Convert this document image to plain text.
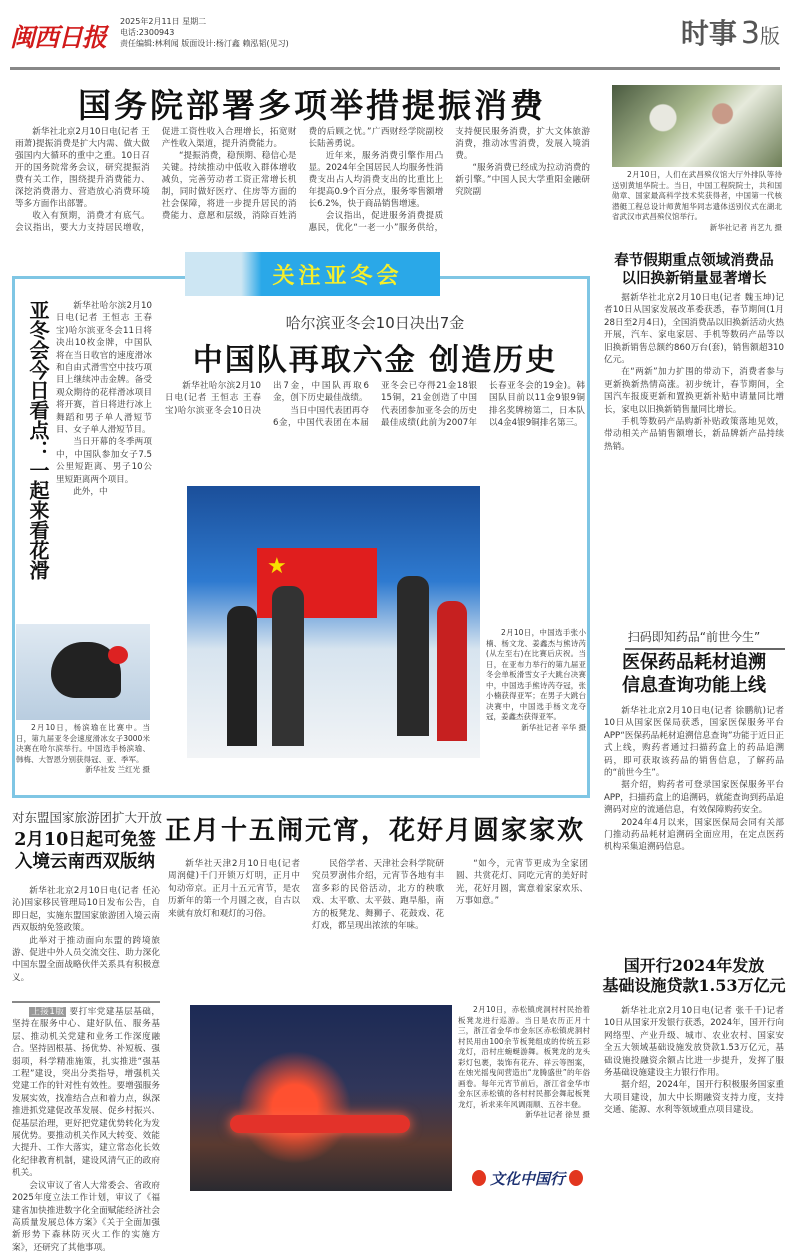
闽西日报
2025年2月11日 星期二
电话:2300943
责任编辑:林利闻 版面设计:杨汀鑫 赖泓韬(见习)	时事 3版
国务院部署多项举措提振消费

新华社北京2月10日电(记者 王雨萧)提振消费是扩大内需、做大做强国内大循环的重中之重。10日召开的国务院常务会议，研究提振消费有关工作，围绕提升消费能力、深挖消费潜力、营造放心消费环境等多方面作出部署。

收入有预期，消费才有底气。会议指出，要大力支持居民增收，促进工资性收入合理增长，拓宽财产性收入渠道，提升消费能力。

“提振消费，稳预期、稳信心是关键。持续推动中低收入群体增收减负，完善劳动者工资正常增长机制，同时做好医疗、住房等方面的社会保障，将进一步提升居民的消费能力、意愿和层级，消除百姓消费的后顾之忧。”广西财经学院副校长陆善勇说。

近年来，服务消费引擎作用凸显。2024年全国居民人均服务性消费支出占人均消费支出的比重比上年提高0.9个百分点，服务零售额增长6.2%，快于商品销售增速。

会议指出，促进服务消费提质惠民，优化“一老一小”服务供给，支持便民服务消费，扩大文体旅游消费，推动冰雪消费，发展入境消费。

“服务消费已经成为拉动消费的新引擎。”中国人民大学重阳金融研究院副

2月10日，人们在武昌殡仪馆大厅外排队等待送别黄旭华院士。当日，中国工程院院士，共和国勋章、国家最高科学技术奖获得者，中国第一代核潜艇工程总设计师黄旭华同志遗体送别仪式在湖北省武汉市武昌殡仪馆举行。

新华社记者 肖艺九 摄
关注亚冬会
亚冬会今日看点：一起来看花滑	新华社哈尔滨2月10日电(记者 王恒志 王春宝)哈尔滨亚冬会11日将决出10枚金牌，中国队将在当日收官的速度滑冰和自由式滑雪空中技巧项目上继续冲击金牌。备受观众期待的花样滑冰项目将开赛，首日将进行冰上舞蹈和男子单人滑短节目、女子单人滑短节目。

当日开幕的冬季两项中，中国队参加女子7.5公里短距离、男子10公里短距离两个项目。

此外，中

哈尔滨亚冬会10日决出7金
中国队再取六金 创造历史

新华社哈尔滨2月10日电(记者 王恒志 王春宝)哈尔滨亚冬会10日决出7金，中国队再取6金，创下历史最佳战绩。

当日中国代表团再夺6金，中国代表团在本届亚冬会已夺得21金18银15铜，21金创造了中国代表团参加亚冬会的历史最佳成绩(此前为2007年长春亚冬会的19金)。韩国队目前以11金9银9铜排名奖牌榜第二，日本队以4金4银9铜排名第三。

★

2月10日，中国选手张小楠、杨文龙、姜鑫杰与熊诗芮(从左至右)在比赛后庆祝。当日，在亚布力举行的第九届亚冬会单板滑雪女子大跳台决赛中，中国选手熊诗芮夺冠，张小楠获得亚军；在男子大跳台决赛中，中国选手杨文龙夺冠，姜鑫杰获得亚军。

新华社记者 辛华 摄

2月10日，杨滨瑜在比赛中。当日，第九届亚冬会速度滑冰女子3000米决赛在哈尔滨举行。中国选手杨滨瑜、韩梅、大智恩分别获得冠、亚、季军。

新华社发 兰红光 摄
对东盟国家旅游团扩大开放
2月10日起可免签
入境云南西双版纳

新华社北京2月10日电(记者 任沁沁)国家移民管理局10日发布公告，自即日起，实施东盟国家旅游团入境云南西双版纳免签政策。

此举对于推动面向东盟的跨境旅游、促进中外人员交流交往、助力深化中国东盟全面战略伙伴关系具有积极意义。

上接1版 要打牢党建基层基础，坚持在服务中心、建好队伍、服务基层、推动机关党建和业务工作深度融合。坚持固根基、扬优势、补短板、强弱项，科学精准施策，扎实推进“强基工程”建设，突出分类指导，增强机关党建工作的针对性有效性。要增强服务发展实效，找准结合点和着力点，纵深推进抓党建促改革发展、促乡村振兴、促基层治理，更好把党建优势转化为发展优势。要推动机关作风大转变、效能大提升、工作大落实，建立常态化长效化纪律教育机制，建设风清气正的政府机关。

会议审议了省人大常委会、省政府2025年度立法工作计划，审议了《福建省加快推进数字化全面赋能经济社会高质量发展总体方案》《关于全面加强新形势下森林防灭火工作的实施方案》，还研究了其他事项。

正月十五闹元宵，花好月圆家家欢

新华社天津2月10日电(记者 周润健)千门开锁万灯明，正月中旬动帝京。正月十五元宵节，是农历新年的第一个月圆之夜，自古以来就有放灯和观灯的习俗。

民俗学者、天津社会科学院研究员罗澍伟介绍，元宵节各地有丰富多彩的民俗活动，北方的秧歌戏、太平歌、太平鼓、跑旱船，南方的板凳龙、舞狮子、花鼓戏、花灯戏，都呈现出浓浓的年味。

“如今，元宵节更成为全家团圆、共赏花灯、同吃元宵的美好时光，花好月圆，寓意着家家欢乐、万事如意。”

2月10日，赤松镇虎洞村村民抬着板凳龙进行巡游。当日是农历正月十三，浙江省金华市金东区赤松镇虎洞村村民用由100余节板凳组成的传统五彩龙灯，沿村庄蜿蜒游舞。板凳龙的龙头彩灯包裹，装饰有花卉、祥云等图案，在烛光摇曳间营造出“龙腾盛世”的年俗画卷。每年元宵节前后，浙江省金华市金东区赤松镇的各村村民都会舞起板凳龙灯，祈求来年风调雨顺、五谷丰登。

新华社记者 徐昱 摄
文化中国行
春节假期重点领域消费品
以旧换新销量显著增长

据新华社北京2月10日电(记者 魏玉坤)记者10日从国家发展改革委获悉，春节期间(1月28日至2月4日)，全国消费品以旧换新活动火热开展，汽车、家电家居、手机等数码产品等以旧换新销售总额约860万台(套)，销售额超310亿元。

在“两新”加力扩围的带动下，消费者参与更新换新热情高涨。初步统计，春节期间，全国汽车报废更新和置换更新补贴申请量同比增长，家电以旧换新销售量同比增长。

手机等数码产品购新补贴政策落地见效，带动相关产品销售额增长，新品牌新产品持续热销。

扫码即知药品“前世今生”
医保药品耗材追溯
信息查询功能上线

新华社北京2月10日电(记者 徐鹏航)记者10日从国家医保局获悉，国家医保服务平台APP“医保药品耗材追溯信息查询”功能于近日正式上线，购药者通过扫描药盒上的药品追溯码，即可获取该药品的销售信息，了解药品的“前世今生”。

据介绍，购药者可登录国家医保服务平台APP，扫描药盒上的追溯码，就能查询到药品追溯码对应的流通信息，有效保障购药安全。

2024年4月以来，国家医保局会同有关部门推动药品耗材追溯码全面应用，在定点医药机构采集追溯码信息。

国开行2024年发放
基础设施贷款1.53万亿元

新华社北京2月10日电(记者 张千千)记者10日从国家开发银行获悉，2024年，国开行向网络型、产业升级、城市、农业农村、国家安全五大领域基础设施发放贷款1.53万亿元，基础设施投融资余额占比进一步提升，发挥了服务基础设施建设主力银行作用。

据介绍，2024年，国开行积极服务国家重大项目建设，加大中长期融资支持力度，支持交通、能源、水利等领域重点项目建设。
